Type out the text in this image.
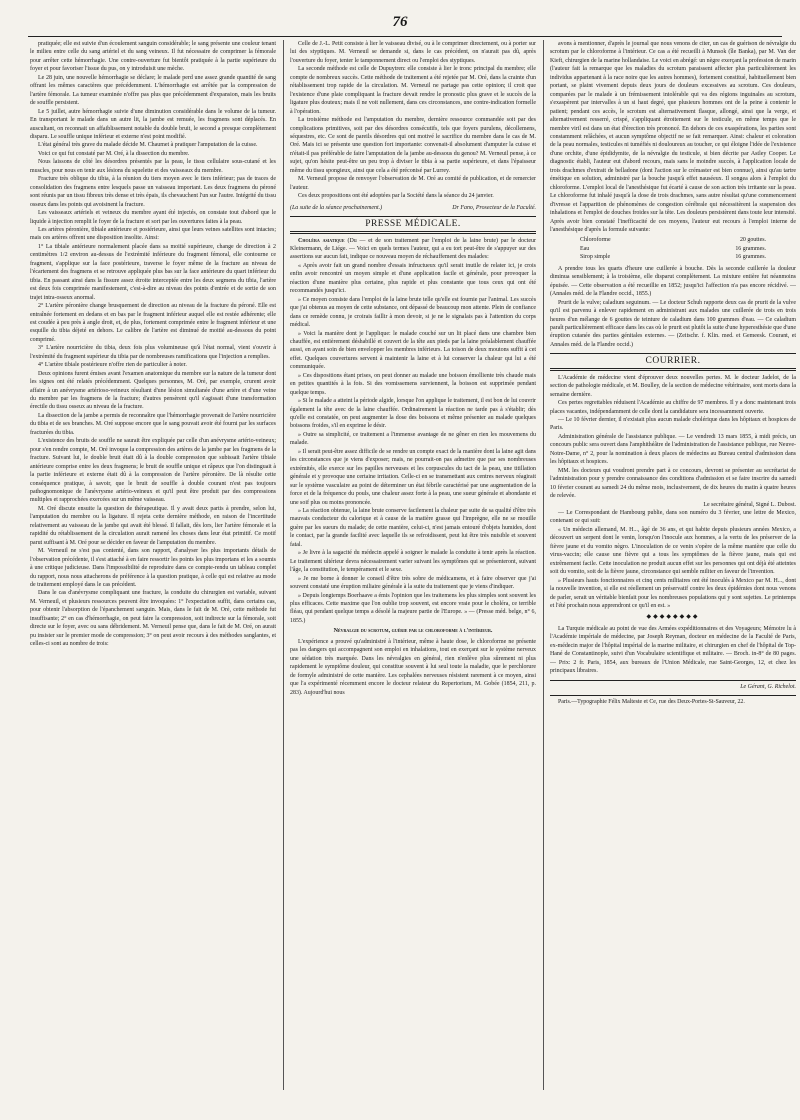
76

pratiquée; elle est suivie d'un écoulement sanguin considérable; le sang présente une couleur tenant le milieu entre celle du sang artériel et du sang veineux. Il fut nécessaire de comprimer la fémorale pour arrêter cette hémorrhagie. Une contre-ouverture fut bientôt pratiquée à la partie supérieure du foyer et pour favoriser l'issue du pus, on y introduisit une mèche.

Le 28 juin, une nouvelle hémorrhagie se déclare; le malade perd une assez grande quantité de sang offrant les mêmes caractères que précédemment. L'hémorrhagie est arrêtée par la compression de l'artère fémorale. La tumeur examinée n'offre pas plus que précédemment d'expansion, mais les bruits de souffle persistent.

Le 5 juillet, autre hémorrhagie suivie d'une diminution considérable dans le volume de la tumeur. En transportant le malade dans un autre lit, la jambe est remuée, les fragmens sont déplacés. En auscultant, on reconnait un affaiblissement notable du double bruit, le second a presque complètement disparu. Le souffle unique inférieur et externe n'est point modifié.

L'état général très grave du malade décide M. Chaumet à pratiquer l'amputation de la cuisse.

Voici ce qui fut constaté par M. Oré, à la dissection du membre.

Nous laissons de côté les désordres présentés par la peau, le tissu cellulaire sous-cutané et les muscles, pour nous en tenir aux lésions du squelette et des vaisseaux du membre.

Fracture très oblique du tibia, à la réunion du tiers moyen avec le tiers inférieur; pas de traces de consolidation des fragmens entre lesquels passe un vaisseau important. Les deux fragmens du péroné sont réunis par un tissu fibreux très dense et très épais, ils chevauchent l'un sur l'autre. Intégrité du tissu osseux dans les points qui avoisinent la fracture.

Les vaisseaux artériels et veineux du membre ayant été injectés, on constate tout d'abord que le liquide à injection remplit le foyer de la fracture et sort par les ouvertures faites à la peau.

Les artères péronière, tibiale antérieure et postérieure, ainsi que leurs veines satellites sont intactes; mais ces artères offrent une disposition insolite. Ainsi:

1° La tibiale antérieure normalement placée dans sa moitié supérieure, change de direction à 2 centimètres 1/2 environ au-dessus de l'extrémité inférieure du fragment fémoral, elle contourne ce fragment, s'applique sur la face postérieure, traverse le foyer même de la fracture au niveau de l'écartement des fragmens et se retrouve appliquée plus bas sur la face antérieure du quart inférieur du tibia. En passant ainsi dans la fissure assez étroite interceptée entre les deux segmens du tibia, l'artère est deux fois comprimée manifestement, c'est-à-dire au niveau des points d'entrée et de sortie de son trajet intra-osseux anormal.

2° L'artère péronière change brusquement de direction au niveau de la fracture du péroné. Elle est entraînée fortement en dedans et en bas par le fragment inférieur auquel elle est restée adhérente; elle est coudée à peu près à angle droit, et, de plus, fortement comprimée entre le fragment inférieur et une esquille du tibia déjeté en dehors. Le calibre de l'artère est diminué de moitié au-dessous du point comprimé.

3° L'artère nourricière du tibia, deux fois plus volumineuse qu'à l'état normal, vient s'ouvrir à l'extrémité du fragment supérieur du tibia par de nombreuses ramifications que l'injection a remplies.

4° L'artère tibiale postérieure n'offre rien de particulier à noter.

Deux opinions furent émises avant l'examen anatomique du membre sur la nature de la tumeur dont les signes ont été relatés précédemment. Quelques personnes, M. Oré, par exemple, crurent avoir affaire à un anévrysme artérioso-veineux résultant d'une lésion simultanée d'une artère et d'une veine du membre par les fragmens de la fracture; d'autres pensèrent qu'il s'agissait d'une transformation érectile du tissu osseux au niveau de la fracture.

La dissection de la jambe a permis de reconnaître que l'hémorrhagie provenait de l'artère nourricière du tibia et de ses branches. M. Oré suppose encore que le sang pouvait avoir été fourni par les surfaces fracturées du tibia.

L'existence des bruits de souffle ne saurait être expliquée par celle d'un anévrysme artério-veineux; pour s'en rendre compte, M. Oré invoque la compression des artères de la jambe par les fragmens de la fracture. Suivant lui, le double bruit était dû à la double compression que subissait l'artère tibiale antérieure comprise entre les deux fragmens; le bruit de souffle unique et râpeux que l'on distinguait à la partie inférieure et externe était dû à la compression de l'artère péronière. De là résulte cette conséquence pratique, à savoir, que le bruit de souffle à double courant n'est pas toujours pathognomonique de l'anévrysme artério-veineux et qu'il peut être produit par des compressions multiples et rapprochées exercées sur un même vaisseau.

M. Oré discute ensuite la question de thérapeutique. Il y avait deux partis à prendre, selon lui, l'amputation du membre ou la ligature. Il rejeta cette dernière méthode, en raison de l'incertitude relativement au vaisseau de la jambe qui avait été blessé. Il fallait, dès lors, lier l'artère fémorale et la rapidité du rétablissement de la circulation aurait ramené les choses dans leur état primitif. Ce motif parut suffisant à M. Oré pour se décider en faveur de l'amputation du membre.

M. Verneuil ne s'est pas contenté, dans son rapport, d'analyser les plus importants détails de l'observation précédente, il s'est attaché à en faire ressortir les points les plus importans et les a soumis à une critique judicieuse. Dans l'impossibilité de reproduire dans ce compte-rendu un tableau complet du rapport, nous nous attacherons de préférence à la question pratique, à celle qui est relative au mode de traitement employé dans le cas précédent.

Dans le cas d'anévrysme compliquant une fracture, la conduite du chirurgien est variable, suivant M. Verneuil, et plusieurs ressources peuvent être invoquées: 1° l'expectation suffit, dans certains cas, pour obtenir l'absorption de l'épanchement sanguin. Mais, dans le fait de M. Oré, cette méthode fut insuffisante; 2° en cas d'hémorrhagie, on peut faire la compression, soit indirecte sur la fémorale, soit directe sur le foyer, avec ou sans débridement. M. Verneuil pense que, dans le fait de M. Oré, on aurait pu insister sur le premier mode de compression; 3° on peut avoir recours à des méthodes sanglantes, et celles-ci sont au nombre de trois:

Celle de J.-L. Petit consiste à lier le vaisseau divisé, ou à le comprimer directement, ou à porter sur lui des styptiques. M. Verneuil se demande si, dans le cas précédent, on n'aurait pas dû, après l'ouverture du foyer, tenter le tamponnement direct ou l'emploi des styptiques.

La seconde méthode est celle de Dupuytren: elle consiste à lier le tronc principal du membre; elle compte de nombreux succès. Cette méthode de traitement a été rejetée par M. Oré, dans la crainte d'un rétablissement trop rapide de la circulation. M. Verneuil ne partage pas cette opinion; il croit que l'existence d'une plaie compliquant la fracture devait rendre le pronostic plus grave et le succès de la ligature plus douteux; mais il ne voit nullement, dans ces circonstances, une contre-indication formelle à l'opération.

La troisième méthode est l'amputation du membre, dernière ressource commandée soit par des complications primitives, soit par des désordres consécutifs, tels que foyers purulens, décollemens, séquestres, etc. Ce sont de pareils désordres qui ont motivé le sacrifice du membre dans le cas de M. Oré. Mais ici se présente une question fort importante: convenait-il absolument d'amputer la cuisse et n'était-il pas préférable de faire l'amputation de la jambe au-dessous du genou? M. Verneuil pense, à ce sujet, qu'on hésite peut-être un peu trop à diviser le tibia à sa partie supérieure, et dans l'épaisseur même du tissu spongieux, ainsi que cela a été préconisé par Lurrey.

M. Verneuil propose de renvoyer l'observation de M. Oré au comité de publication, et de remercier l'auteur.

Ces deux propositions ont été adoptées par la Société dans la séance du 24 janvier.

(La suite de la séance prochainement.)	Dr Fano, Prosecteur de la Faculté.
PRESSE MÉDICALE.

Choléra asiatique (Du — et de son traitement par l'emploi de la laine brute) par le docteur Kleinermann, de Liége. — Voici en quels termes l'auteur, qui a eu tort peut-être de s'appuyer sur des assertions sur aucun fait, indique ce nouveau moyen de réchauffement des malades:

« Après avoir fait un grand nombre d'essais infructueux qu'il serait inutile de relater ici, je crois enfin avoir rencontré un moyen simple et d'une application facile et générale, pour provoquer la réaction d'une manière plus certaine, plus rapide et plus constante que tous ceux qui ont été recommandés jusqu'ici.

» Ce moyen consiste dans l'emploi de la laine brute telle qu'elle est fournie par l'animal. Les succès que j'ai obtenus au moyen de cette substance, ont dépassé de beaucoup mon attente. Plein de confiance dans ce remède connu, je croirais faillir à mon devoir, si je ne le signalais pas à l'attention du corps médical.

» Voici la manière dont je l'applique: le malade couché sur un lit placé dans une chambre bien chauffée, est entièrement déshabillé et couvert de la tête aux pieds par la laine préalablement chauffée aussi, en ayant soin de bien envelopper les membres inférieurs. La toison de deux moutons suffit à cet effet. Quelques couvertures servent à maintenir la laine et à lui conserver la chaleur qui lui a été communiquée.

» Ces dispositions étant prises, on peut donner au malade une boisson émolliente très chaude mais en petites quantités à la fois. Si des vomissemens surviennent, la boisson est supprimée pendant quelque temps.

» Si le malade a atteint la période algide, lorsque l'on applique le traitement, il est bon de lui couvrir également la tête avec de la laine chauffée. Ordinairement la réaction ne tarde pas à s'établir; dès qu'elle est constatée, on peut augmenter la dose des boissons et même présenter au malade quelques boissons froides, s'il en exprime le désir.

» Outre sa simplicité, ce traitement a l'immense avantage de ne gêner en rien les mouvemens du malade.

» Il serait peut-être assez difficile de se rendre un compte exact de la manière dont la laine agit dans les circonstances que je viens d'exposer; mais, ne pourrait-on pas admettre que par ses nombreuses extrémités, elle exerce sur les papilles nerveuses et les corpuscules du tact de la peau, une titillation générale et y provoque une certaine irritation. Celle-ci en se transmettant aux centres nerveux réagirait sur le système vasculaire au point de déterminer un état fébrile caractérisé par une augmentation de la force et de la fréquence du pouls, une chaleur assez forte à la peau, une sueur générale et abondante et une soif plus ou moins prononcée.

» La réaction obtenue, la laine brute conserve facilement la chaleur par suite de sa qualité d'être très mauvais conducteur du calorique et à cause de la matière grasse qui l'imprègne, elle ne se mouille guère par les sueurs du malade; de cette manière, celui-ci, n'est jamais entouré d'objets humides, dont le contact, par la grande facilité avec laquelle ils se refroidissent, peut lui être très nuisible et souvent fatal.

» Je livre à la sagacité du médecin appelé à soigner le malade la conduite à tenir après la réaction. Le traitement ultérieur devra nécessairement varier suivant les symptômes qui se présenteront, suivant l'âge, la constitution, le tempérament et le sexe.

» Je me borne à donner le conseil d'être très sobre de médicamens, et à faire observer que j'ai souvent constaté une éruption miliaire générale à la suite du traitement que je viens d'indiquer.

» Depuis longtemps Boerhaave a émis l'opinion que les traitemens les plus simples sont souvent les plus efficaces. Cette maxime que l'on oublie trop souvent, est encore vraie pour le choléra, ce terrible fléau, qui pendant quelque temps a désolé la majeure partie de l'Europe. » — (Presse méd. belge, n° 6, 1855.)

Névralgie du scrotum, guérie par le chloroforme à l'intérieur.

L'expérience a prouvé qu'administré à l'intérieur, même à haute dose, le chloroforme ne présente pas les dangers qui accompagnent son emploi en inhalations, tout en exerçant sur le système nerveux une sédation très marquée. Dans les névralgies en général, rien n'enlève plus sûrement ni plus rapidement le symptôme douleur, qui constitue souvent à lui seul toute la maladie, que le perchlorure de formyle administré de cette manière. Les cephalées nerveuses résistent rarement à ce moyen, ainsi que l'a expérimenté récemment encore le docteur relateur du Repertorium, M. Gobée (1854, 211, p. 283). Aujourd'hui nous

avons à mentionner, d'après le journal que nous venons de citer, un cas de guérison de névralgie du scrotum par le chloroforme à l'intérieur. Ce cas a été recueilli à Munsok (île Banka), par M. Van der Kieft, chirurgien de la marine hollandaise. Le voici en abrégé: un nègre exerçant la profession de marin (l'auteur fait la remarque que les maladies du scrotum paraissent affecter plus particulièrement les individus appartenant à la race noire que les autres hommes), fortement constitué, habituellement bien portant, se plaint vivement depuis deux jours de douleurs excessives au scrotum. Ces douleurs, comparées par le malade à un frémissement intolérable qui va des régions inguinales au scrotum, s'exaspèrent par intervalles à un si haut degré, que plusieurs hommes ont de la peine à contenir le patient; pendant ces accès, le scrotum est alternativement flasque, allongé, ainsi que la verge, et alternativement resserré, crispé, s'appliquant étroitement sur le testicule, en même temps que le membre viril est dans un état d'érection très prononcé. En dehors de ces exaspérations, les parties sont constamment relâchées, et aucun symptôme objectif ne se fait remarquer. Ainsi: chaleur et coloration de la peau normales, testicules ni tuméfiés ni douloureux au toucher, ce qui éloigne l'idée de l'existence d'une orchite, d'une épididymite, de la névralgie du testicule, si bien décrite par Astley Cooper. Le diagnostic établi, l'auteur eut d'abord recours, mais sans le moindre succès, à l'application locale de trois drachmes d'extrait de belladone (dont l'action sur le crémaster est bien connue), ainsi qu'au tartre émétique en solution, administré par la bouche jusqu'à effet nauséeux. Il songea alors à l'emploi du chloroforme. L'emploi local de l'anesthésique fut écarté à cause de son action très irritante sur la peau. Le chloroforme fut inhalé jusqu'à la dose de trois drachmes, sans autre résultat qu'une commencement d'ivresse et l'apparition de phénomènes de congestion cérébrale qui nécessitèrent la suspension des inhalations et l'emploi de douches froides sur la tête. Les douleurs persistèrent dans toute leur intensité. Après avoir bien constaté l'inefficacité de ces moyens, l'auteur eut recours à l'emploi interne de l'anesthésique d'après la formule suivante:

Chloroforme	20 gouttes.
Eau	16 grammes.
Sirop simple	16 grammes.

A prendre tous les quarts d'heure une cuillerée à bouche. Dès la seconde cuillerée la douleur diminua sensiblement; à la troisième, elle disparut complètement. La mixture entière fut néanmoins épuisée. — Cette observation a été recueillie en 1852; jusqu'ici l'affection n'a pas encore récidivé. — (Annales méd. de la Flandre occid., 1855.)

Prurit de la vulve; caladium seguinum. — Le docteur Schuh rapporte deux cas de prurit de la vulve qu'il est parvenu à enlever rapidement en administrant aux malades une cuillerée de trois en trois heures d'un mélange de 6 gouttes de teinture de caladium dans 100 grammes d'eau. — Ce caladium paraît particulièrement efficace dans les cas où le prurit est plutôt la suite d'une hyperesthésie que d'une éruption cutanée des parties génitales externes. — (Zeitschr. f. Klin. med. et Gemeesk. Courant, et Annales méd. de la Flandre occid.)

COURRIER.

L'Académie de médecine vient d'éprouver deux nouvelles pertes. M. le docteur Jadelot, de la section de pathologie médicale, et M. Boulley, de la section de médecine vétérinaire, sont morts dans la semaine dernière.

Ces pertes regrettables réduisent l'Académie au chiffre de 97 membres. Il y a donc maintenant trois places vacantes, indépendamment de celle dont la candidature sera incessamment ouverte.

— Le 10 février dernier, il n'existait plus aucun malade cholérique dans les hôpitaux et hospices de Paris.

Administration générale de l'assistance publique. — Le vendredi 13 mars 1855, à midi précis, un concours public sera ouvert dans l'amphithéâtre de l'administration de l'assistance publique, rue Neuve-Notre-Dame, n° 2, pour la nomination à deux places de médecins au Bureau central d'admission dans les hôpitaux et hospices.

MM. les docteurs qui voudront prendre part à ce concours, devront se présenter au secrétariat de l'administration pour y prendre connaissance des conditions d'admission et se faire inscrire du samedi 10 février courant au samedi 24 du même mois, inclusivement, de dix heures du matin à quatre heures de relevée.

Le secrétaire général, Signé L. Dubost.

— Le Correspondant de Hambourg publie, dans son numéro du 3 février, une lettre de Mexico, contenant ce qui suit:

« Un médecin allemand, M. H..., âgé de 36 ans, et qui habite depuis plusieurs années Mexico, a découvert un serpent dont le venin, lorsqu'on l'inocule aux hommes, a la vertu de les préserver de la fièvre jaune et du vomito nègro. L'inoculation de ce venin s'opère de la même manière que celle du virus-vaccin; elle cause une fièvre qui a tous les symptômes de la fièvre jaune, mais qui est extrêmement facile. Cette inoculation ne produit aucun effet sur les personnes qui ont déjà été atteintes soit du vomito, soit de la fièvre jaune, circonstance qui semble militer en faveur de l'invention.

» Plusieurs hauts fonctionnaires et cinq cents militaires ont été inoculés à Mexico par M. H..., dont la nouvelle invention, si elle est réellement un préservatif contre les deux épidémies dont nous venons de parler, serait un véritable bienfait pour les nombreuses populations qui y sont sujettes. Le printemps et l'été prochain nous apprendront ce qu'il en est. »

◆◆◆◆◆◆◆◆

La Turquie médicale au point de vue des Armées expéditionnaires et des Voyageurs; Mémoire lu à l'Académie impériale de médecine, par Joseph Reyman, docteur en médecine de la Faculté de Paris, ex-médecin major de l'hôpital impérial de la marine militaire, et chirurgien en chef de l'hôpital de Top-Hané de Constantinople, suivi d'un Vocabulaire scientifique et militaire. — Broch. in-8° de 80 pages. — Prix: 2 fr. Paris, 1854, aux bureaux de l'Union Médicale, rue Saint-Georges, 12, et chez les principaux libraires.

Le Gérant, G. Richelot.

Paris.—Typographie Félix Malteste et Ce, rue des Deux-Portes-St-Sauveur, 22.
